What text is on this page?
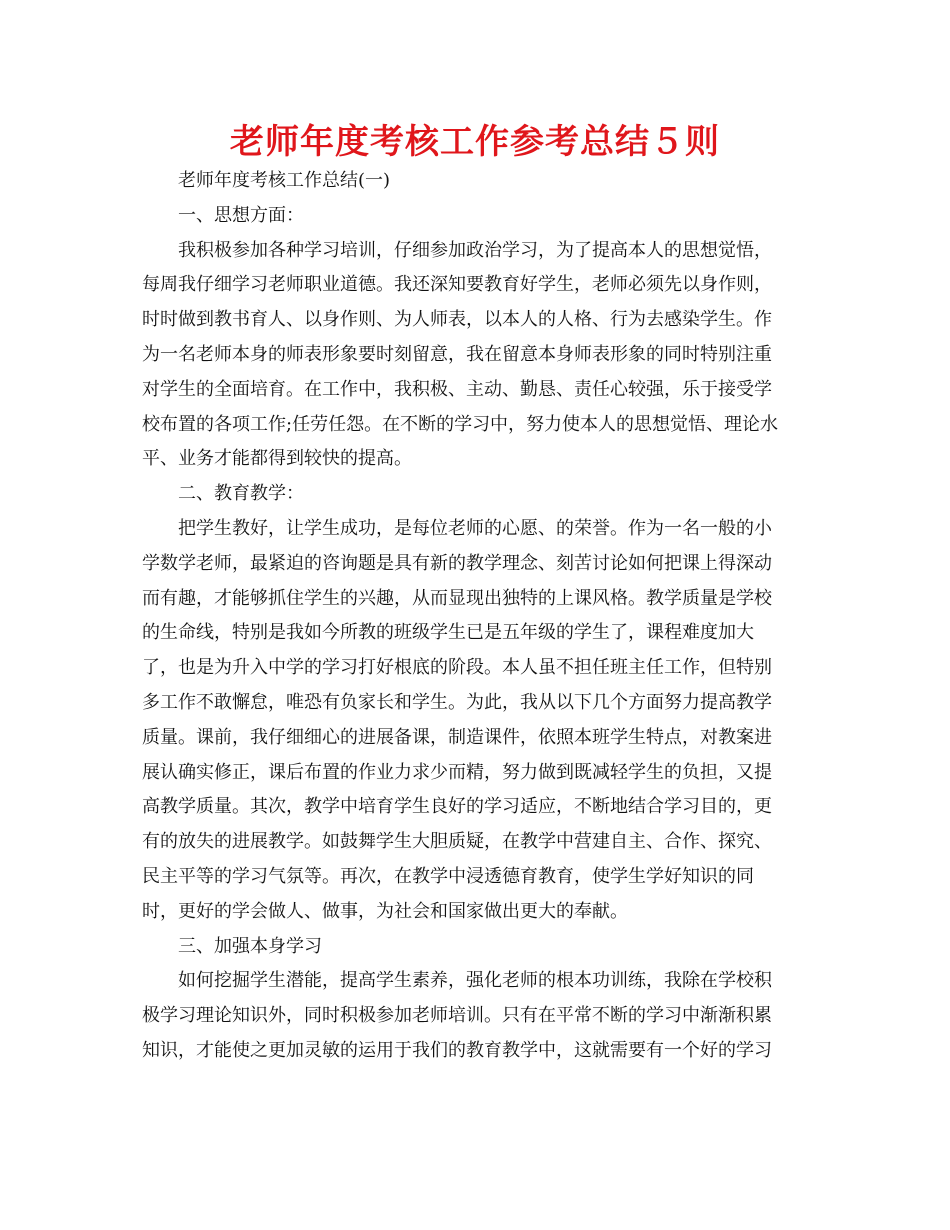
老师年度考核工作参考总结５则
老师年度考核工作总结(一)
一、思想方面：
我积极参加各种学习培训，仔细参加政治学习，为了提高本人的思想觉悟，
每周我仔细学习老师职业道德。我还深知要教育好学生，老师必须先以身作则，
时时做到教书育人、以身作则、为人师表，以本人的人格、行为去感染学生。作
为一名老师本身的师表形象要时刻留意，我在留意本身师表形象的同时特别注重
对学生的全面培育。在工作中，我积极、主动、勤恳、责任心较强，乐于接受学
校布置的各项工作;任劳任怨。在不断的学习中，努力使本人的思想觉悟、理论水
平、业务才能都得到较快的提高。
二、教育教学：
把学生教好，让学生成功，是每位老师的心愿、的荣誉。作为一名一般的小
学数学老师，最紧迫的咨询题是具有新的教学理念、刻苦讨论如何把课上得深动
而有趣，才能够抓住学生的兴趣，从而显现出独特的上课风格。教学质量是学校
的生命线，特别是我如今所教的班级学生已是五年级的学生了，课程难度加大
了，也是为升入中学的学习打好根底的阶段。本人虽不担任班主任工作，但特别
多工作不敢懈怠，唯恐有负家长和学生。为此，我从以下几个方面努力提高教学
质量。课前，我仔细细心的进展备课，制造课件，依照本班学生特点，对教案进
展认确实修正，课后布置的作业力求少而精，努力做到既减轻学生的负担，又提
高教学质量。其次，教学中培育学生良好的学习适应，不断地结合学习目的，更
有的放失的进展教学。如鼓舞学生大胆质疑，在教学中营建自主、合作、探究、
民主平等的学习气氛等。再次，在教学中浸透德育教育，使学生学好知识的同
时，更好的学会做人、做事，为社会和国家做出更大的奉献。
三、加强本身学习
如何挖掘学生潜能，提高学生素养，强化老师的根本功训练，我除在学校积
极学习理论知识外，同时积极参加老师培训。只有在平常不断的学习中渐渐积累
知识，才能使之更加灵敏的运用于我们的教育教学中，这就需要有一个好的学习
